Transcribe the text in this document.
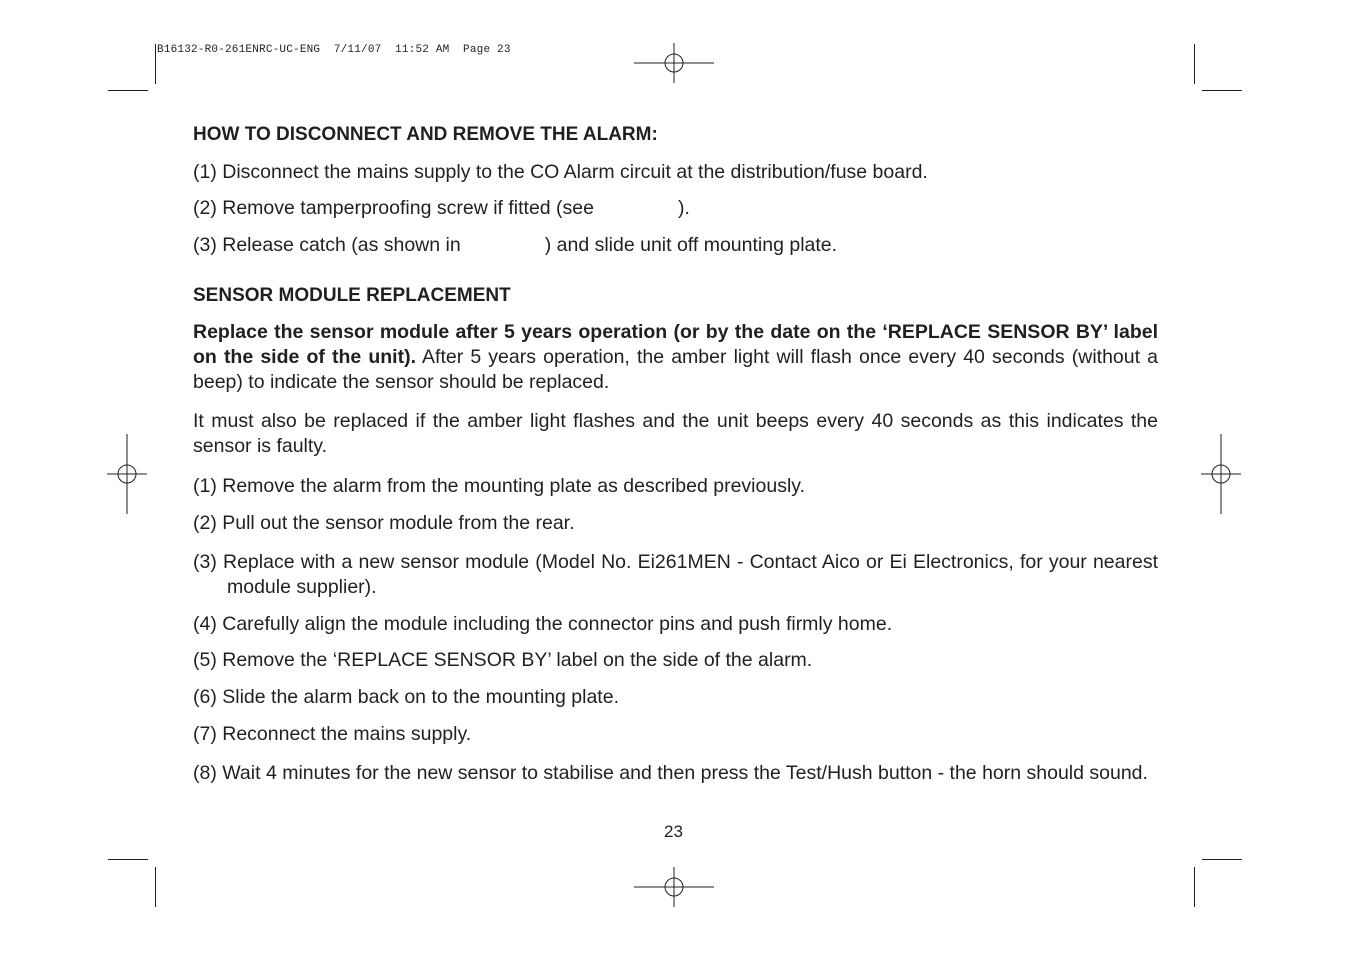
B16132-R0-261ENRC-UC-ENG  7/11/07  11:52 AM  Page 23
HOW TO DISCONNECT AND REMOVE THE ALARM:
(1) Disconnect the mains supply to the CO Alarm circuit at the distribution/fuse board.
(2) Remove tamperproofing screw if fitted (see	).
(3) Release catch (as shown in	) and slide unit off mounting plate.
SENSOR MODULE REPLACEMENT
Replace the sensor module after 5 years operation (or by the date on the ‘REPLACE SENSOR BY’ label on the side of the unit). After 5 years operation, the amber light will flash once every 40 seconds (without a beep) to indicate the sensor should be replaced.
It must also be replaced if the amber light flashes and the unit beeps every 40 seconds as this indicates the sensor is faulty.
(1) Remove the alarm from the mounting plate as described previously.
(2) Pull out the sensor module from the rear.
(3) Replace with a new sensor module (Model No. Ei261MEN - Contact Aico or Ei Electronics, for your nearest module supplier).
(4) Carefully align the module including the connector pins and push firmly home.
(5) Remove the ‘REPLACE SENSOR BY’ label on the side of the alarm.
(6) Slide the alarm back on to the mounting plate.
(7) Reconnect the mains supply.
(8) Wait 4 minutes for the new sensor to stabilise and then press the Test/Hush button - the horn should sound.
23
